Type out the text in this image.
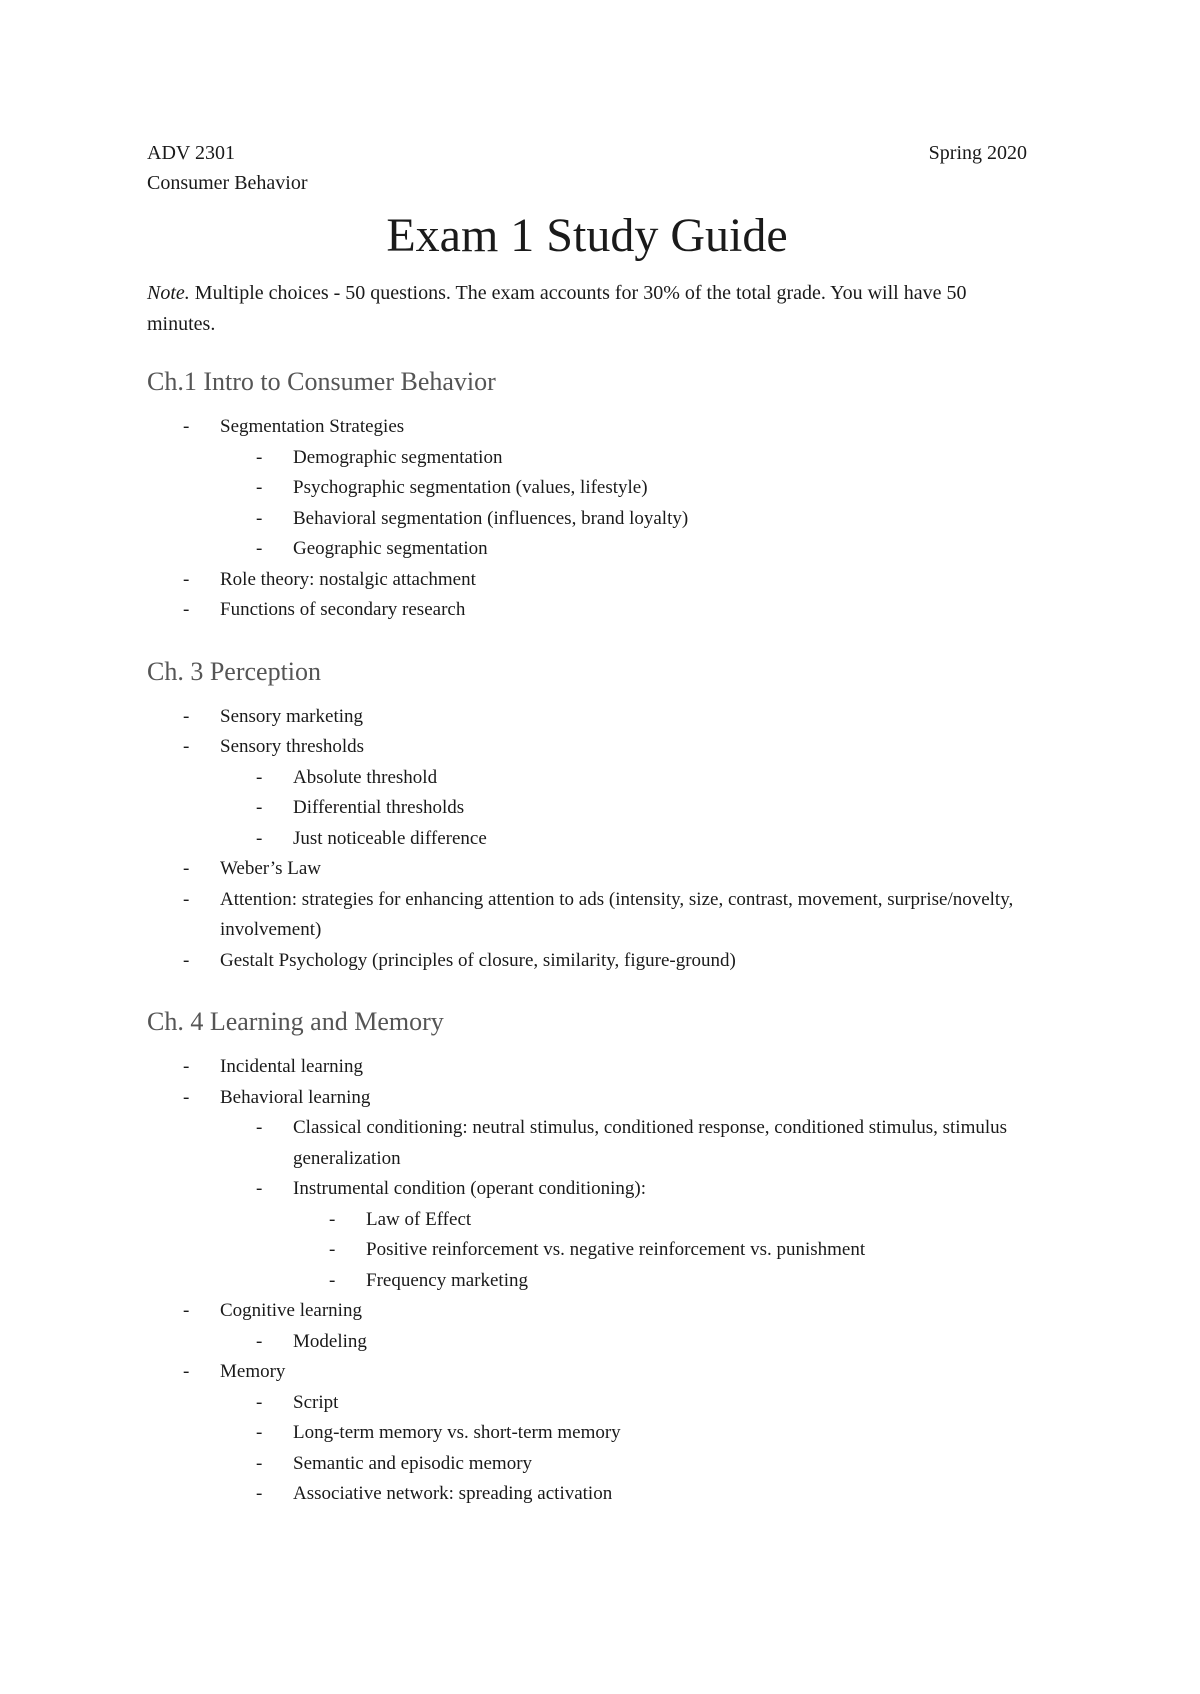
ADV 2301	Spring 2020
Consumer Behavior
Exam 1 Study Guide
Note. Multiple choices - 50 questions. The exam accounts for 30% of the total grade. You will have 50 minutes.
Ch.1 Intro to Consumer Behavior
- Segmentation Strategies
- Demographic segmentation
- Psychographic segmentation (values, lifestyle)
- Behavioral segmentation (influences, brand loyalty)
- Geographic segmentation
- Role theory: nostalgic attachment
- Functions of secondary research
Ch. 3 Perception
- Sensory marketing
- Sensory thresholds
- Absolute threshold
- Differential thresholds
- Just noticeable difference
- Weber’s Law
- Attention: strategies for enhancing attention to ads (intensity, size, contrast, movement, surprise/novelty, involvement)
- Gestalt Psychology (principles of closure, similarity, figure-ground)
Ch. 4 Learning and Memory
- Incidental learning
- Behavioral learning
- Classical conditioning: neutral stimulus, conditioned response, conditioned stimulus, stimulus generalization
- Instrumental condition (operant conditioning):
- Law of Effect
- Positive reinforcement vs. negative reinforcement vs. punishment
- Frequency marketing
- Cognitive learning
- Modeling
- Memory
- Script
- Long-term memory vs. short-term memory
- Semantic and episodic memory
- Associative network: spreading activation
